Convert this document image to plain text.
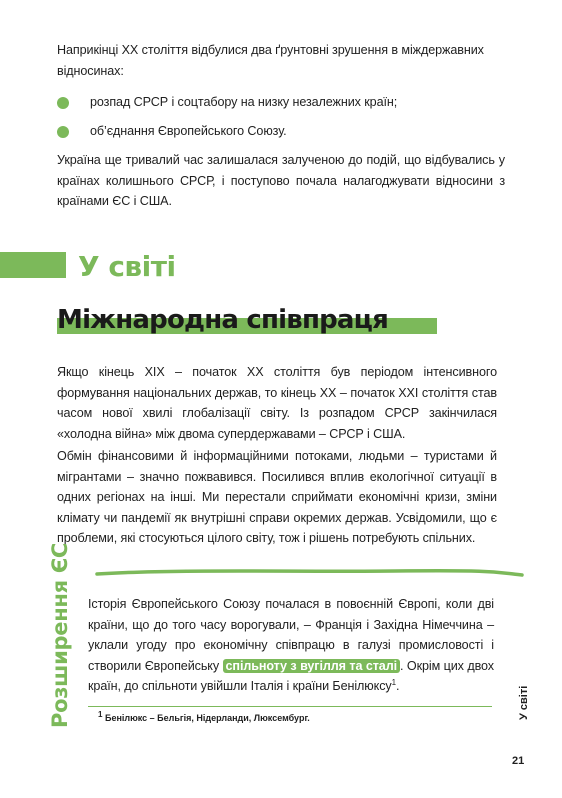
Наприкінці ХХ століття відбулися два ґрунтовні зрушення в міждержавних відносинах:
розпад СРСР і соцтабору на низку незалежних країн;
об’єднання Європейського Союзу.
Україна ще тривалий час залишалася залученою до подій, що відбувались у країнах колишнього СРСР, і поступово почала налагоджувати відносини з країнами ЄС і США.
У світі
Міжнародна співпраця
Якщо кінець ХІХ – початок ХХ століття був періодом інтенсивного формування національних держав, то кінець ХХ – початок ХХІ століття став часом нової хвилі глобалізації світу. Із розпадом СРСР закінчилася «холодна війна» між двома супердержавами – СРСР і США.
Обмін фінансовими й інформаційними потоками, людьми – туристами й мігрантами – значно пожвавився. Посилився вплив екологічної ситуації в одних регіонах на інші. Ми перестали сприймати економічні кризи, зміни клімату чи пандемії як внутрішні справи окремих держав. Усвідомили, що є проблеми, які стосуються цілого світу, тож і рішень потребують спільних.
Розширення ЄС Історія Європейського Союзу почалася в повоєнній Європі, коли дві країни, що до того часу ворогували, – Франція і Західна Німеччина – уклали угоду про економічну співпрацю в галузі промисловості і створили Європейську спільноту з вугілля та сталі . Окрім цих двох країн, до спільноти увійшли Італія і країни Бенілюксу$^1$.
1 Бенілюкс – Бельгія, Нідерланди, Люксембург.	У світі
21
